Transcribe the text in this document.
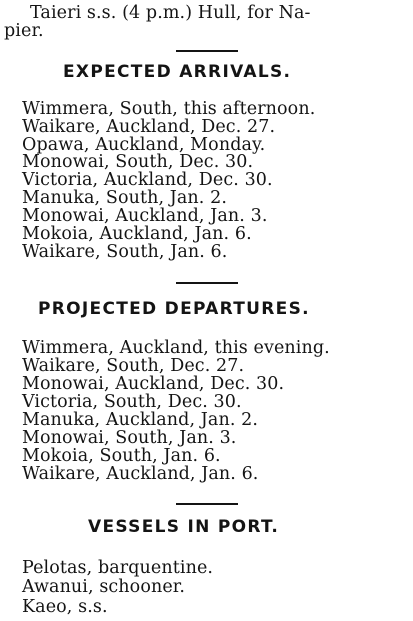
Taieri s.s. (4 p.m.) Hull, for Na-
pier.
EXPECTED ARRIVALS.
Wimmera, South, this afternoon.
Waikare, Auckland, Dec. 27.
Opawa, Auckland, Monday.
Monowai, South, Dec. 30.
Victoria, Auckland, Dec. 30.
Manuka, South, Jan. 2.
Monowai, Auckland, Jan. 3.
Mokoia, Auckland, Jan. 6.
Waikare, South, Jan. 6.
PROJECTED DEPARTURES.
Wimmera, Auckland, this evening.
Waikare, South, Dec. 27.
Monowai, Auckland, Dec. 30.
Victoria, South, Dec. 30.
Manuka, Auckland, Jan. 2.
Monowai, South, Jan. 3.
Mokoia, South, Jan. 6.
Waikare, Auckland, Jan. 6.
VESSELS IN PORT.
Pelotas, barquentine.
Awanui, schooner.
Kaeo, s.s.
